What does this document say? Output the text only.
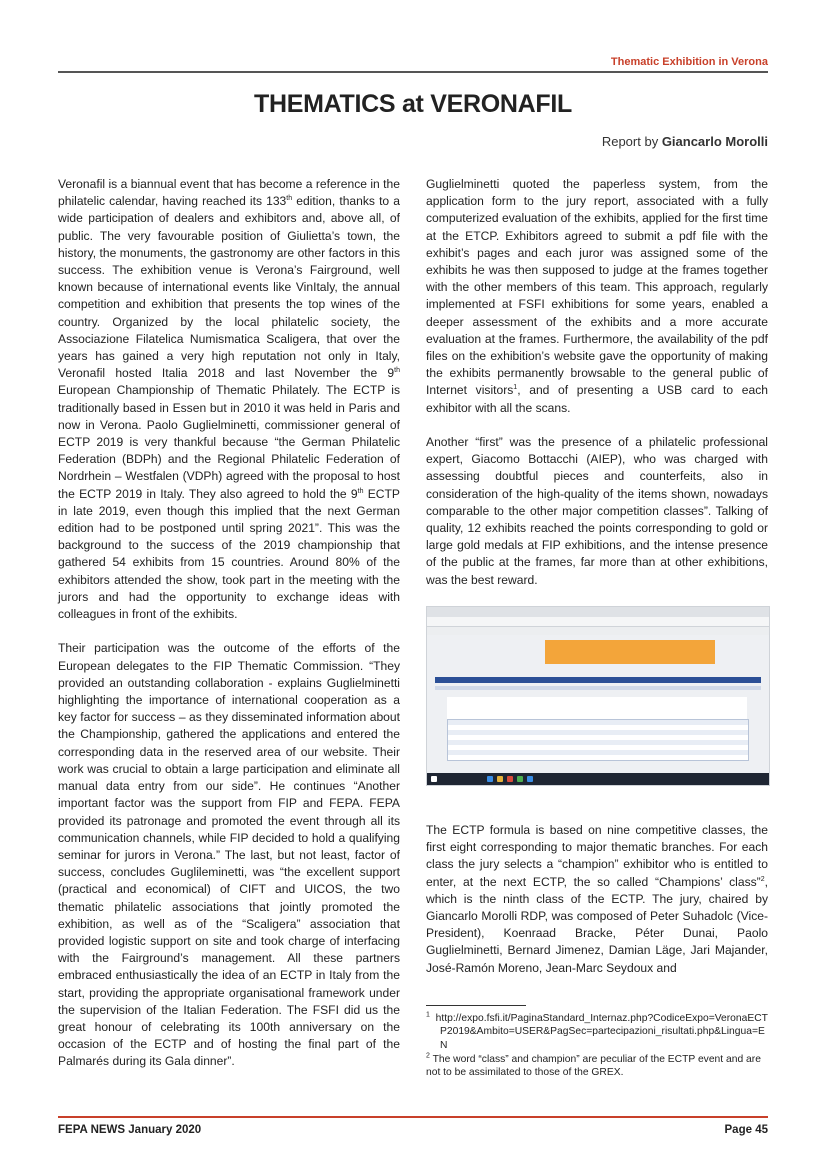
Thematic Exhibition in Verona
THEMATICS at VERONAFIL
Report by Giancarlo Morolli

Veronafil is a biannual event that has become a reference in the philatelic calendar, having reached its 133th edition, thanks to a wide participation of dealers and exhibitors and, above all, of public. The very favourable position of Giulietta’s town, the history, the monuments, the gastronomy are other factors in this success. The exhibition venue is Verona’s Fairground, well known because of international events like VinItaly, the annual competition and exhibition that presents the top wines of the country. Organized by the local philatelic society, the Associazione Filatelica Numismatica Scaligera, that over the years has gained a very high reputation not only in Italy, Veronafil hosted Italia 2018 and last November the 9th European Championship of Thematic Philately. The ECTP is traditionally based in Essen but in 2010 it was held in Paris and now in Verona. Paolo Guglielminetti, commissioner general of ECTP 2019 is very thankful because “the German Philatelic Federation (BDPh) and the Regional Philatelic Federation of Nordrhein – Westfalen (VDPh) agreed with the proposal to host the ECTP 2019 in Italy. They also agreed to hold the 9th ECTP in late 2019, even though this implied that the next German edition had to be postponed until spring 2021”. This was the background to the success of the 2019 championship that gathered 54 exhibits from 15 countries. Around 80% of the exhibitors attended the show, took part in the meeting with the jurors and had the opportunity to exchange ideas with colleagues in front of the exhibits.

Their participation was the outcome of the efforts of the European delegates to the FIP Thematic Commission. “They provided an outstanding collaboration - explains Guglielminetti highlighting the importance of international cooperation as a key factor for success – as they disseminated information about the Championship, gathered the applications and entered the corresponding data in the reserved area of our website. Their work was crucial to obtain a large participation and eliminate all manual data entry from our side”. He continues “Another important factor was the support from FIP and FEPA. FEPA provided its patronage and promoted the event through all its communication channels, while FIP decided to hold a qualifying seminar for jurors in Verona.” The last, but not least, factor of success, concludes Guglileminetti, was “the excellent support (practical and economical) of CIFT and UICOS, the two thematic philatelic associations that jointly promoted the exhibition, as well as of the “Scaligera” association that provided logistic support on site and took charge of interfacing with the Fairground’s management. All these partners embraced enthusiastically the idea of an ECTP in Italy from the start, providing the appropriate organisational framework under the supervision of the Italian Federation. The FSFI did us the great honour of celebrating its 100th anniversary on the occasion of the ECTP and of hosting the final part of the Palmarés during its Gala dinner”.

Guglielminetti quoted the paperless system, from the application form to the jury report, associated with a fully computerized evaluation of the exhibits, applied for the first time at the ETCP. Exhibitors agreed to submit a pdf file with the exhibit’s pages and each juror was assigned some of the exhibits he was then supposed to judge at the frames together with the other members of this team. This approach, regularly implemented at FSFI exhibitions for some years, enabled a deeper assessment of the exhibits and a more accurate evaluation at the frames. Furthermore, the availability of the pdf files on the exhibition’s website gave the opportunity of making the exhibits permanently browsable to the general public of Internet visitors$^1$, and of presenting a USB card to each exhibitor with all the scans.

Another “first” was the presence of a philatelic professional expert, Giacomo Bottacchi (AIEP), who was charged with assessing doubtful pieces and counterfeits, also in consideration of the high-quality of the items shown, nowadays comparable to the other major competition classes”. Talking of quality, 12 exhibits reached the points corresponding to gold or large gold medals at FIP exhibitions, and the intense presence of the public at the frames, far more than at other exhibitions, was the best reward.

The ECTP formula is based on nine competitive classes, the first eight corresponding to major thematic branches. For each class the jury selects a “champion” exhibitor who is entitled to enter, at the next ECTP, the so called “Champions’ class”$^2$, which is the ninth class of the ECTP. The jury, chaired by Giancarlo Morolli RDP, was composed of Peter Suhadolc (Vice-President), Koenraad Bracke, Péter Dunai, Paolo Guglielminetti, Bernard Jimenez, Damian Läge, Jari Majander, José-Ramón Moreno, Jean-Marc Seydoux and

$^1$ http://expo.fsfi.it/PaginaStandard_Internaz.php?CodiceExpo=VeronaECTP2019&Ambito=USER&PagSec=partecipazioni_risultati.php&Lingua=EN

$^2$ The word “class” and champion” are peculiar of the ECTP event and are not to be assimilated to those of the GREX.

FEPA NEWS January 2020	Page 45
